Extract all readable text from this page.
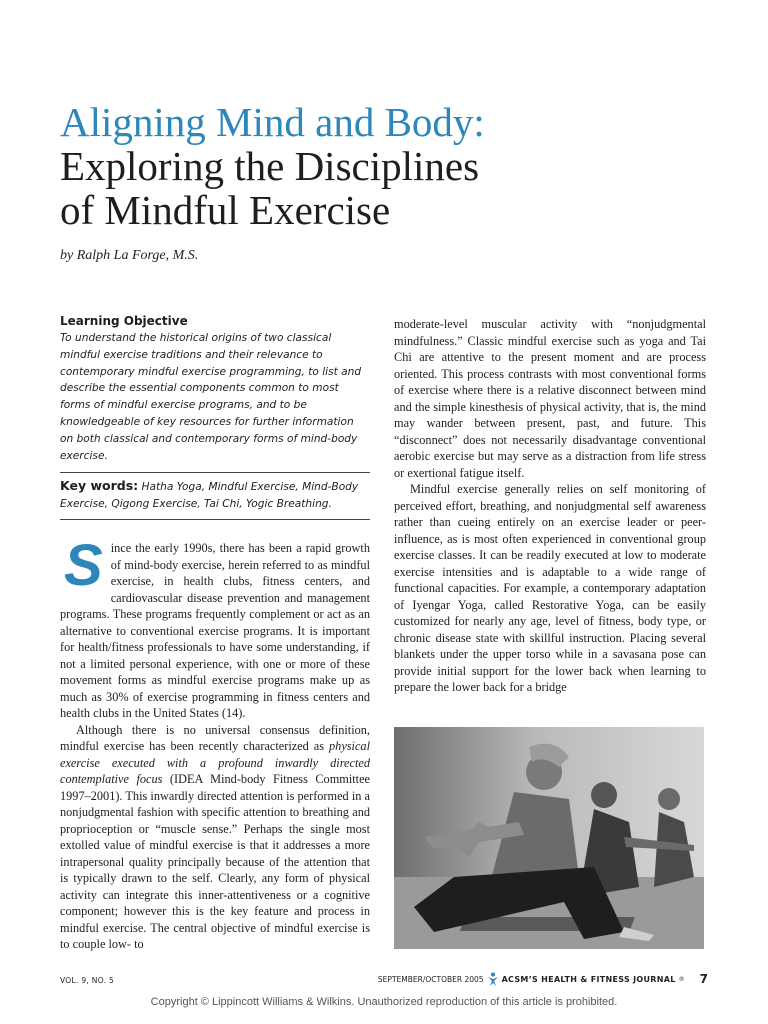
Aligning Mind and Body:
Exploring the Disciplines
of Mindful Exercise
by Ralph La Forge, M.S.

Learning Objective

To understand the historical origins of two classical mindful exercise traditions and their relevance to contemporary mindful exercise programming, to list and describe the essential components common to most forms of mindful exercise programs, and to be knowledgeable of key resources for further information on both classical and contemporary forms of mind-body exercise.

Key words: Hatha Yoga, Mindful Exercise, Mind-Body Exercise, Qigong Exercise, Tai Chi, Yogic Breathing.

Since the early 1990s, there has been a rapid growth of mind-body exercise, herein referred to as mindful exercise, in health clubs, fitness centers, and cardiovascular disease prevention and management programs. These programs frequently complement or act as an alternative to conventional exercise programs. It is important for health/fitness professionals to have some understanding, if not a limited personal experience, with one or more of these movement forms as mindful exercise programs make up as much as 30% of exercise programming in fitness centers and health clubs in the United States (14).

Although there is no universal consensus definition, mindful exercise has been recently characterized as physical exercise executed with a profound inwardly directed contemplative focus (IDEA Mind-body Fitness Committee 1997–2001). This inwardly directed attention is performed in a nonjudgmental fashion with specific attention to breathing and proprioception or “muscle sense.” Perhaps the single most extolled value of mindful exercise is that it addresses a more intrapersonal quality principally because of the attention that is typically drawn to the self. Clearly, any form of physical activity can integrate this inner-attentiveness or a cognitive component; however this is the key feature and process in mindful exercise. The central objective of mindful exercise is to couple low- to

moderate-level muscular activity with “nonjudgmental mindfulness.” Classic mindful exercise such as yoga and Tai Chi are attentive to the present moment and are process oriented. This process contrasts with most conventional forms of exercise where there is a relative disconnect between mind and the simple kinesthesis of physical activity, that is, the mind may wander between present, past, and future. This “disconnect” does not necessarily disadvantage conventional aerobic exercise but may serve as a distraction from life stress or exertional fatigue itself.

Mindful exercise generally relies on self monitoring of perceived effort, breathing, and nonjudgmental self awareness rather than cueing entirely on an exercise leader or peer-influence, as is most often experienced in conventional group exercise classes. It can be readily executed at low to moderate exercise intensities and is adaptable to a wide range of functional capacities. For example, a contemporary adaptation of Iyengar Yoga, called Restorative Yoga, can be easily customized for nearly any age, level of fitness, body type, or chronic disease state with skillful instruction. Placing several blankets under the upper torso while in a savasana pose can provide initial support for the lower back when learning to prepare the lower back for a bridge

VOL. 9, NO. 5	SEPTEMBER/OCTOBER 2005 ACSM’S HEALTH & FITNESS JOURNAL ® 7
Copyright © Lippincott Williams & Wilkins. Unauthorized reproduction of this article is prohibited.
